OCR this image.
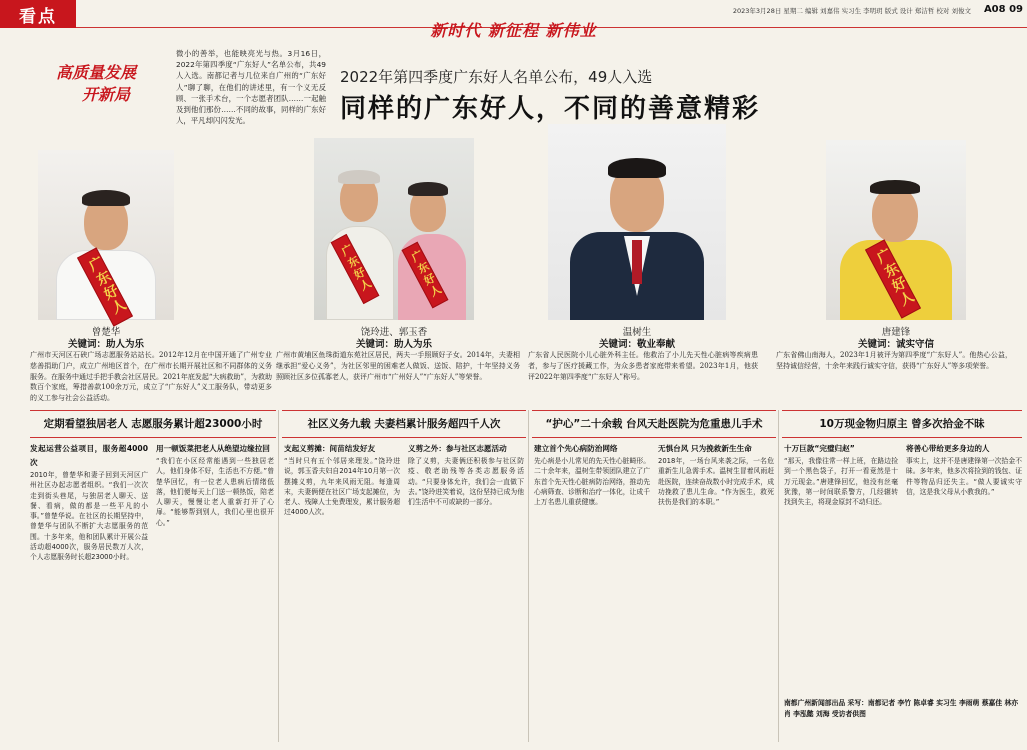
看点	2023年3月28日 星期二 编辑 刘嘉伟 实习生 李明玥 版式 设计 郑洁哲 校对 刘俊文 A08 09
新时代 新征程 新伟业
高质量发展
开新局
微小的善举，也能映亮光与热。3月16日，2022年第四季度“广东好人”名单公布，共49人入选。南都记者与几位来自广州的“广东好人”聊了聊，在他们的讲述里，有一个义无反顾、一张手术台，一个志愿者团队……一起触及到他们那份……不同的故事，同样的广东好人，平凡却闪闪发光。
2022年第四季度广东好人名单公布，49人入选
同样的广东好人，不同的善意精彩
广东好人
曾楚华
关键词：助人为乐
广州市天河区石硖广场志愿服务站站长。2012年12月在中国开通了广州专业慈善捐助门户，成立广州地区首个，在广州市长期开展社区和不同群体的义务服务。在服务中通过手把手教会社区居民。2021年底发起“大病救助”，为救助数百个家庭，筹措善款100余万元，成立了“广东好人”义工服务队，带动更多的义工参与社会公益活动。
广东好人	广东好人
饶玲进、郭玉香
关键词：助人为乐
广州市黄埔区鱼珠街道东苑社区居民，两夫一手照顾好子女。2014年，夫妻相继承担“爱心义务”，为社区邻里的困难老人做饭、送饭、陪护，十年坚持义务照顾社区多位孤寡老人，获评广州市“广州好人”“广东好人”等荣誉。
温树生
关键词：敬业奉献
广东省人民医院小儿心脏外科主任。他救治了小儿先天性心脏病等疾病患者，参与了医疗援藏工作，为众多患者家庭带来希望。2023年1月，他获评2022年第四季度“广东好人”称号。
广东好人
唐建锋
关键词：诚实守信
广东省佛山南海人，2023年1月被评为第四季度“广东好人”。他热心公益，坚持诚信经营，十余年来践行诚实守信，获得“广东好人”等多项荣誉。
定期看望独居老人 志愿服务累计超23000小时	社区义务九载 夫妻档累计服务超四千人次	“护心”二十余载 台风天赴医院为危重患儿手术	10万现金物归原主 曾多次拾金不昧
发起运营公益项目，服务超4000次
2010年，曾楚华和妻子回到天河区广州社区办起志愿者组织。“我们一次次走到街头巷尾，与独居老人聊天、送餐、看病，做的都是一些平凡的小事。”曾楚华说。在社区的长期坚持中，曾楚华与团队不断扩大志愿服务的范围。十多年来，他和团队累计开展公益活动超4000次，服务居民数万人次，个人志愿服务时长超23000小时。
用一顿饭菜把老人从绝望边缘拉回
“我们在小区经常能遇到一些独居老人，他们身体不好，生活也不方便。”曾楚华回忆，有一位老人患病后情绪低落，他们便每天上门送一顿热饭，陪老人聊天，慢慢让老人重新打开了心扉。“能够帮到别人，我们心里也很开心。”
支起义剪摊：间苗结发好友
“当时只有五个邻居来理发。”饶玲进说，郭玉香夫妇自2014年10月第一次摆摊义剪，九年来风雨无阻。每逢周末，夫妻俩便在社区广场支起摊位，为老人、残障人士免费理发，累计服务超过4000人次。
义剪之外：参与社区志愿活动
除了义剪，夫妻俩还积极参与社区防疫、敬老助残等各类志愿服务活动。“只要身体允许，我们会一直做下去。”饶玲进笑着说，这份坚持已成为他们生活中不可或缺的一部分。
建立首个先心病防治网络
先心病是小儿常见的先天性心脏畸形。二十余年来，温树生带领团队建立了广东首个先天性心脏病防治网络，推动先心病筛查、诊断和治疗一体化，让成千上万名患儿重获健康。
无惧台风 只为挽救新生生命
2018年，一场台风来袭之际，一名危重新生儿急需手术。温树生冒着风雨赶赴医院，连续奋战数小时完成手术，成功挽救了患儿生命。“作为医生，救死扶伤是我们的本职。”
十万巨款“完璧归赵”
“那天，我像往常一样上班，在路边捡到一个黑色袋子，打开一看竟然是十万元现金。”唐建锋回忆，他没有丝毫犹豫，第一时间联系警方，几经辗转找到失主，将现金原封不动归还。
将善心带给更多身边的人
事实上，这并不是唐建锋第一次拾金不昧。多年来，他多次将捡到的钱包、证件等物品归还失主。“做人要诚实守信，这是我父母从小教我的。”
南都广州新闻部出品 采写：南都记者 李竹 陈卓睿 实习生 李雨萌 蔡嘉佳 林亦肖 李泓懿 刘海 受访者供图
